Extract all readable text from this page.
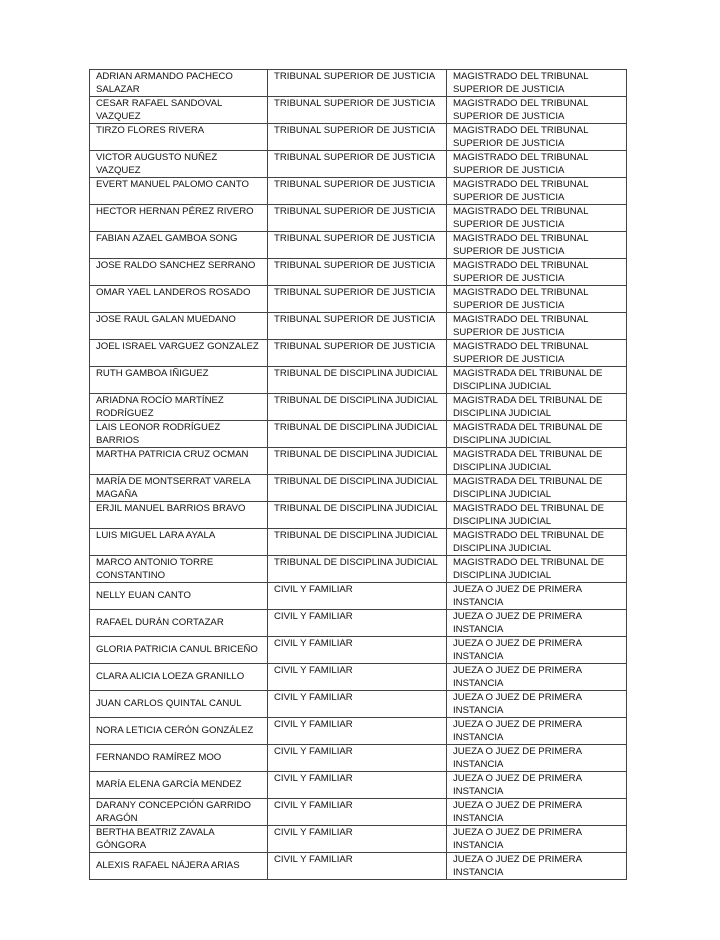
ADRIAN ARMANDO PACHECO SALAZAR	TRIBUNAL SUPERIOR DE JUSTICIA	MAGISTRADO DEL TRIBUNAL SUPERIOR DE JUSTICIA
CESAR RAFAEL SANDOVAL VAZQUEZ	TRIBUNAL SUPERIOR DE JUSTICIA	MAGISTRADO DEL TRIBUNAL SUPERIOR DE JUSTICIA
TIRZO FLORES RIVERA	TRIBUNAL SUPERIOR DE JUSTICIA	MAGISTRADO DEL TRIBUNAL SUPERIOR DE JUSTICIA
VICTOR AUGUSTO NUÑEZ VAZQUEZ	TRIBUNAL SUPERIOR DE JUSTICIA	MAGISTRADO DEL TRIBUNAL SUPERIOR DE JUSTICIA
EVERT MANUEL PALOMO CANTO	TRIBUNAL SUPERIOR DE JUSTICIA	MAGISTRADO DEL TRIBUNAL SUPERIOR DE JUSTICIA
HECTOR HERNAN PÉREZ RIVERO	TRIBUNAL SUPERIOR DE JUSTICIA	MAGISTRADO DEL TRIBUNAL SUPERIOR DE JUSTICIA
FABIAN AZAEL GAMBOA SONG	TRIBUNAL SUPERIOR DE JUSTICIA	MAGISTRADO DEL TRIBUNAL SUPERIOR DE JUSTICIA
JOSE RALDO SANCHEZ SERRANO	TRIBUNAL SUPERIOR DE JUSTICIA	MAGISTRADO DEL TRIBUNAL SUPERIOR DE JUSTICIA
OMAR YAEL LANDEROS ROSADO	TRIBUNAL SUPERIOR DE JUSTICIA	MAGISTRADO DEL TRIBUNAL SUPERIOR DE JUSTICIA
JOSE RAUL GALAN MUEDANO	TRIBUNAL SUPERIOR DE JUSTICIA	MAGISTRADO DEL TRIBUNAL SUPERIOR DE JUSTICIA
JOEL ISRAEL VARGUEZ GONZALEZ	TRIBUNAL SUPERIOR DE JUSTICIA	MAGISTRADO DEL TRIBUNAL SUPERIOR DE JUSTICIA
RUTH GAMBOA IÑIGUEZ	TRIBUNAL DE DISCIPLINA JUDICIAL	MAGISTRADA DEL TRIBUNAL DE DISCIPLINA JUDICIAL
ARIADNA ROCÍO MARTÍNEZ RODRÍGUEZ	TRIBUNAL DE DISCIPLINA JUDICIAL	MAGISTRADA DEL TRIBUNAL DE DISCIPLINA JUDICIAL
LAIS LEONOR RODRÍGUEZ BARRIOS	TRIBUNAL DE DISCIPLINA JUDICIAL	MAGISTRADA DEL TRIBUNAL DE DISCIPLINA JUDICIAL
MARTHA PATRICIA CRUZ OCMAN	TRIBUNAL DE DISCIPLINA JUDICIAL	MAGISTRADA DEL TRIBUNAL DE DISCIPLINA JUDICIAL
MARÍA DE MONTSERRAT VARELA MAGAÑA	TRIBUNAL DE DISCIPLINA JUDICIAL	MAGISTRADA DEL TRIBUNAL DE DISCIPLINA JUDICIAL
ERJIL MANUEL BARRIOS BRAVO	TRIBUNAL DE DISCIPLINA JUDICIAL	MAGISTRADO DEL TRIBUNAL DE DISCIPLINA JUDICIAL
LUIS MIGUEL LARA AYALA	TRIBUNAL DE DISCIPLINA JUDICIAL	MAGISTRADO DEL TRIBUNAL DE DISCIPLINA JUDICIAL
MARCO ANTONIO TORRE CONSTANTINO	TRIBUNAL DE DISCIPLINA JUDICIAL	MAGISTRADO DEL TRIBUNAL DE DISCIPLINA JUDICIAL
NELLY EUAN CANTO	CIVIL Y FAMILIAR	JUEZA O JUEZ DE PRIMERA INSTANCIA
RAFAEL DURÁN CORTAZAR	CIVIL Y FAMILIAR	JUEZA O JUEZ DE PRIMERA INSTANCIA
GLORIA PATRICIA CANUL BRICEÑO	CIVIL Y FAMILIAR	JUEZA O JUEZ DE PRIMERA INSTANCIA
CLARA ALICIA LOEZA GRANILLO	CIVIL Y FAMILIAR	JUEZA O JUEZ DE PRIMERA INSTANCIA
JUAN CARLOS QUINTAL CANUL	CIVIL Y FAMILIAR	JUEZA O JUEZ DE PRIMERA INSTANCIA
NORA LETICIA CERÓN GONZÁLEZ	CIVIL Y FAMILIAR	JUEZA O JUEZ DE PRIMERA INSTANCIA
FERNANDO RAMÍREZ MOO	CIVIL Y FAMILIAR	JUEZA O JUEZ DE PRIMERA INSTANCIA
MARÍA ELENA GARCÍA MENDEZ	CIVIL Y FAMILIAR	JUEZA O JUEZ DE PRIMERA INSTANCIA
DARANY CONCEPCIÓN GARRIDO ARAGÓN	CIVIL Y FAMILIAR	JUEZA O JUEZ DE PRIMERA INSTANCIA
BERTHA BEATRIZ ZAVALA GÓNGORA	CIVIL Y FAMILIAR	JUEZA O JUEZ DE PRIMERA INSTANCIA
ALEXIS RAFAEL NÁJERA ARIAS	CIVIL Y FAMILIAR	JUEZA O JUEZ DE PRIMERA INSTANCIA
